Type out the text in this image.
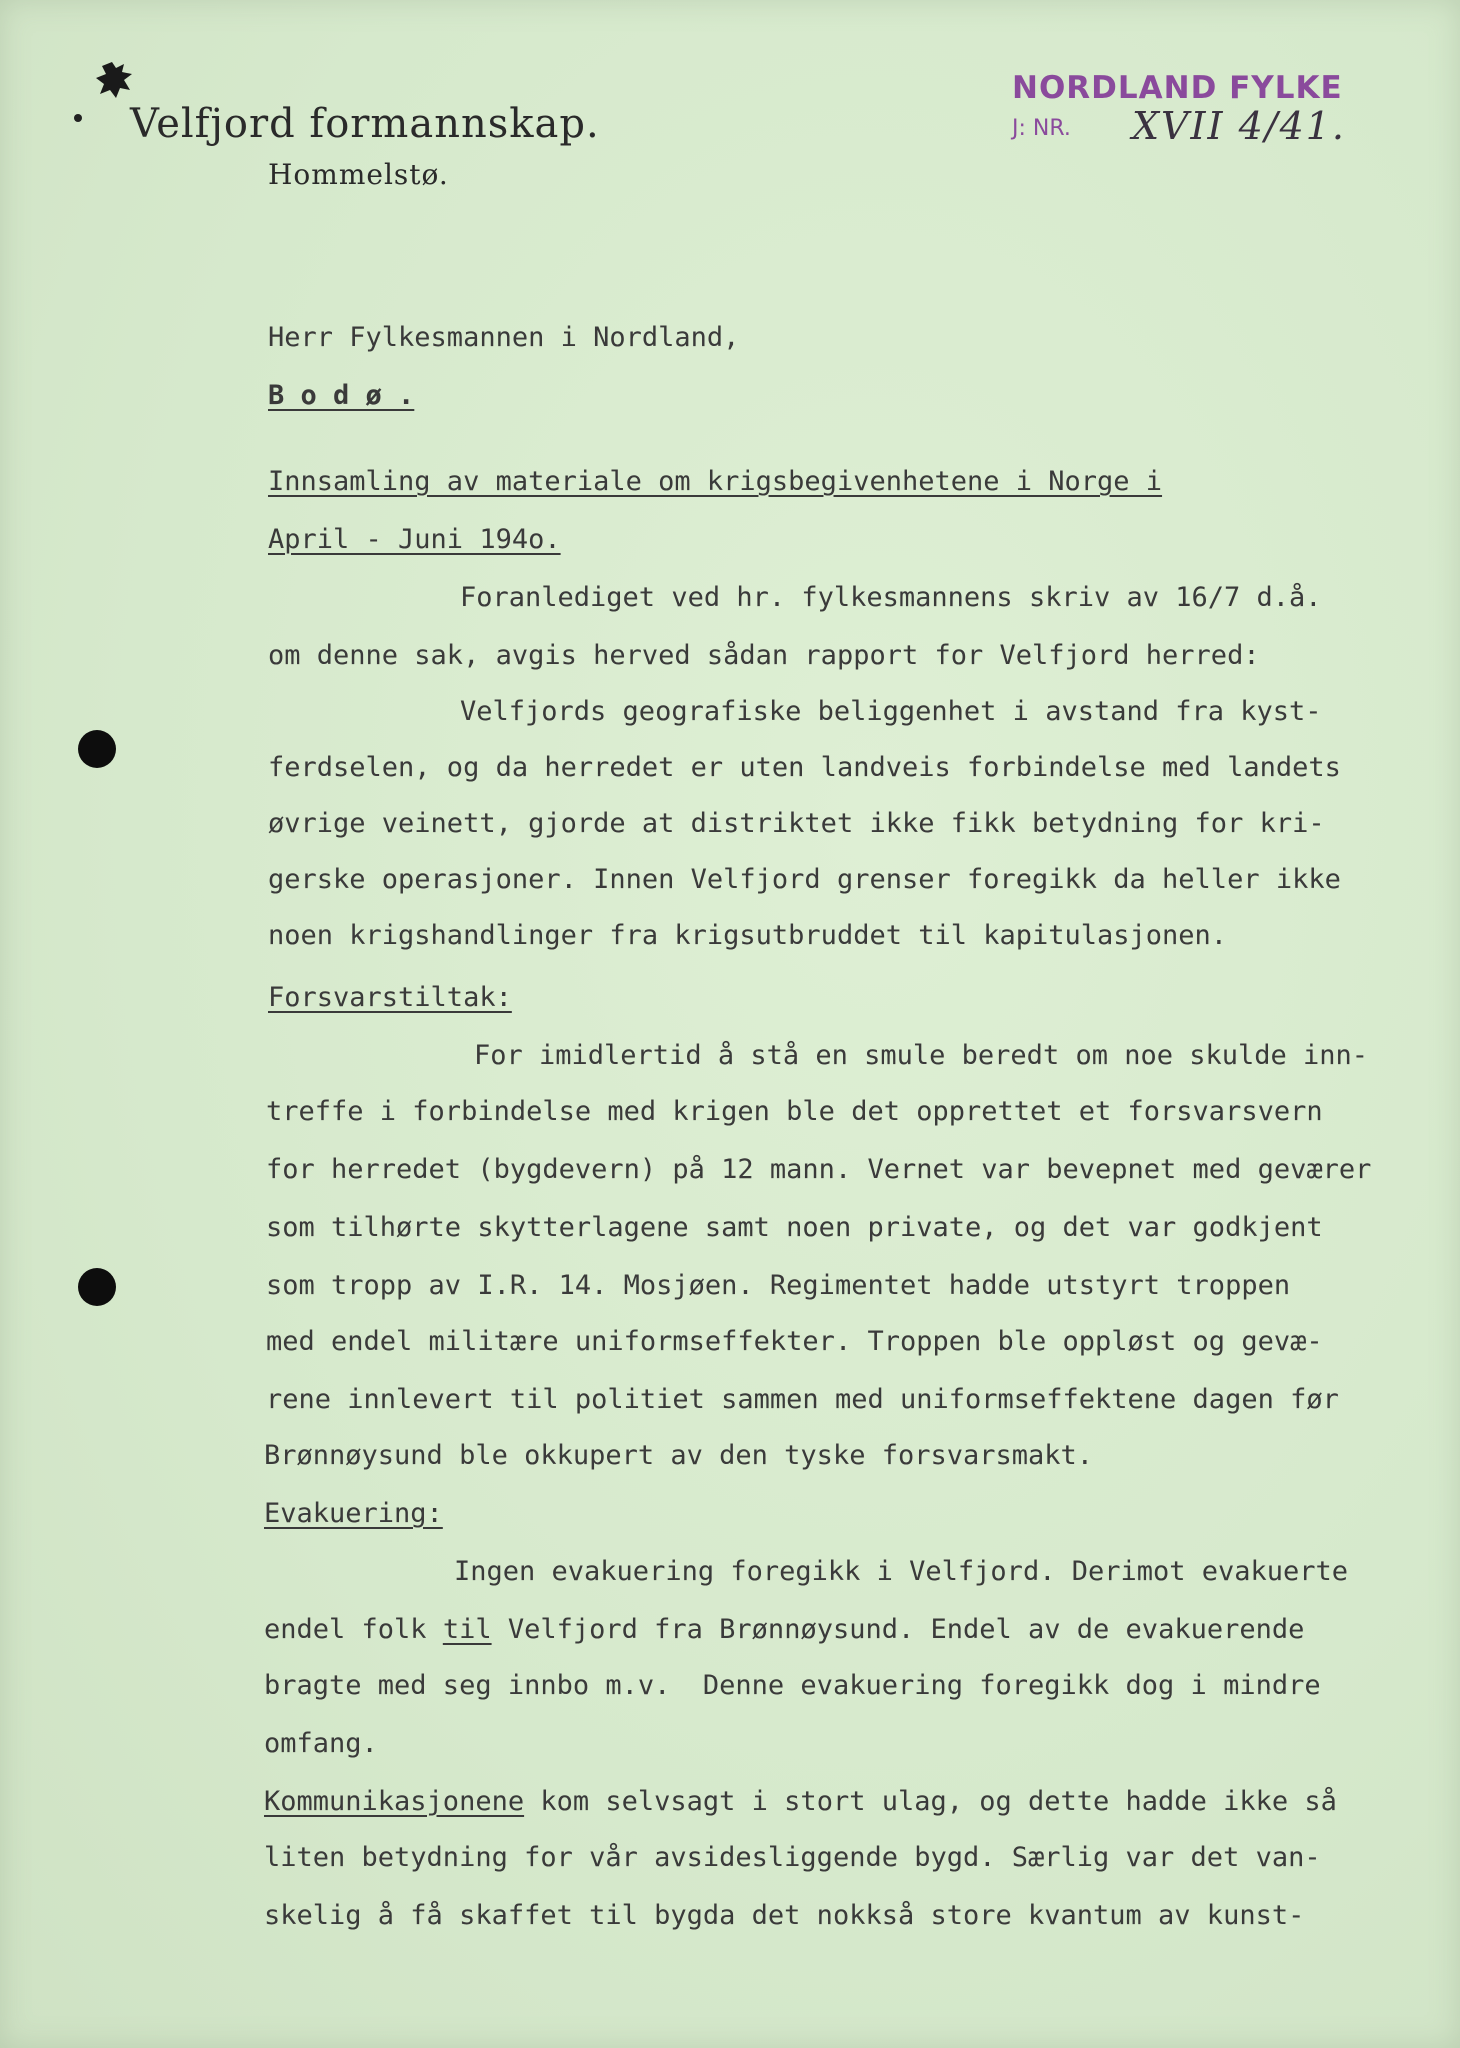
Velfjord formannskap.
Hommelstø.
NORDLAND FYLKE
J: NR. XVII 4/41.
Herr Fylkesmannen i Nordland,
B o d ø .
Innsamling av materiale om krigsbegivenhetene i Norge i
April - Juni 194o.
Foranlediget ved hr. fylkesmannens skriv av 16/7 d.å.
om denne sak, avgis herved sådan rapport for Velfjord herred:
Velfjords geografiske beliggenhet i avstand fra kyst-
ferdselen, og da herredet er uten landveis forbindelse med landets
øvrige veinett, gjorde at distriktet ikke fikk betydning for kri-
gerske operasjoner. Innen Velfjord grenser foregikk da heller ikke
noen krigshandlinger fra krigsutbruddet til kapitulasjonen.
Forsvarstiltak:
For imidlertid å stå en smule beredt om noe skulde inn-
treffe i forbindelse med krigen ble det opprettet et forsvarsvern
for herredet (bygdevern) på 12 mann. Vernet var bevepnet med geværer
som tilhørte skytterlagene samt noen private, og det var godkjent
som tropp av I.R. 14. Mosjøen. Regimentet hadde utstyrt troppen
med endel militære uniformseffekter. Troppen ble oppløst og gevæ-
rene innlevert til politiet sammen med uniformseffektene dagen før
Brønnøysund ble okkupert av den tyske forsvarsmakt.
Evakuering:
Ingen evakuering foregikk i Velfjord. Derimot evakuerte
endel folk til Velfjord fra Brønnøysund. Endel av de evakuerende
bragte med seg innbo m.v.  Denne evakuering foregikk dog i mindre
omfang.
Kommunikasjonene kom selvsagt i stort ulag, og dette hadde ikke så
liten betydning for vår avsidesliggende bygd. Særlig var det van-
skelig å få skaffet til bygda det nokkså store kvantum av kunst-
